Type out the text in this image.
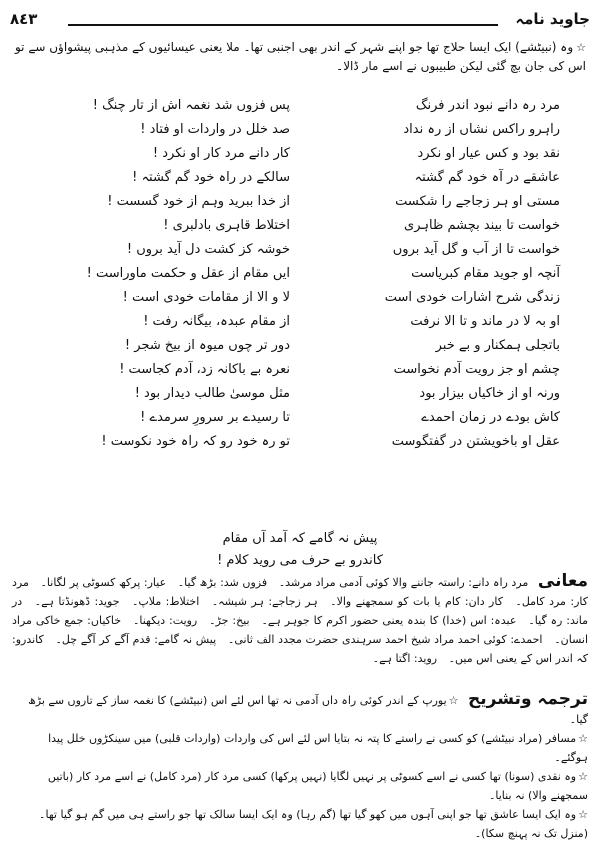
٨٤٣	جاوید نامہ
☆وہ (نبیٹشے) ایک ایسا حلاج تھا جو اپنے شہر کے اندر بھی اجنبی تھا۔ ملا یعنی عیسائیوں کے مذہبی پیشواؤں سے تو اس کی جان بچ گئی لیکن طبیبوں نے اسے مار ڈالا۔
مرد رہ دانے نبود اندر فرنگ
پس فزوں شد نغمہ اش از تار چنگ !
راہرو راکس نشاں از رہ نداد
صد خلل در واردات او فتاد !
نقد بود و کس عیار او نکرد
کار دانے مرد کار او نکرد !
عاشقے در آہ خود گم گشتہ
سالکے در راہ خود گم گشتہ !
مستی او ہر زجاجے را شکست
از خدا ببرید وہم از خود گسست !
خواست تا بیند بچشم ظاہری
اختلاط قاہری بادلبری !
خواست تا از آب و گل آید بروں
خوشہ کز کشت دل آید بروں !
آنچہ او جوید مقام کبریاست
ایں مقام از عقل و حکمت ماوراست !
زندگی شرح اشارات خودی است
لا و الا از مقامات خودی است !
او بہ لا در ماند و تا الا نرفت
از مقام عبدہ، بیگانہ رفت !
باتجلی ہمکنار و بے خبر
دور تر چوں میوہ از بیخ شجر !
چشم او جز رویت آدم نخواست
نعرہ بے باکانہ زد، آدم کجاست !
ورنہ او از خاکیاں بیزار بود
مثل موسیٰ طالب دیدار بود !
کاش بودے در زمان احمدے
تا رسیدے بر سرورِ سرمدے !
عقل او باخویشتن در گفتگوست
تو رہ خود رو کہ راہ خود نکوست !
پیش نہ گامے کہ آمد آں مقام
کاندرو بے حرف می روید کلام !
معانی مرد راہ دانے: راستہ جاننے والا کوئی آدمی مراد مرشد۔ فزوں شد: بڑھ گیا۔ عیار: پرکھ کسوٹی پر لگانا۔ مرد کار: مرد کامل۔ کار دان: کام یا بات کو سمجھنے والا۔ ہر زجاجے: ہر شیشہ۔ اختلاط: ملاپ۔ جوید: ڈھونڈتا ہے۔ در ماند: رہ گیا۔ عبدہ: اس (خدا) کا بندہ یعنی حضور اکرم کا جوہر ہے۔ بیخ: جڑ۔ رویت: دیکھنا۔ خاکیاں: جمع خاکی مراد انسان۔ احمدے: کوئی احمد مراد شیخ احمد سرہندی حضرت مجدد الف ثانی۔ پیش نہ گامے: قدم آگے کر آگے چل۔ کاندرو: کہ اندر اس کے یعنی اس میں۔ روید: اگتا ہے۔
ترجمہ وتشریح ☆یورپ کے اندر کوئی راہ داں آدمی نہ تھا اس لئے اس (نبیٹشے) کا نغمہ ساز کے تاروں سے بڑھ گیا۔
☆مسافر (مراد نبیٹشے) کو کسی نے راستے کا پتہ نہ بتایا اس لئے اس کی واردات (واردات قلبی) میں سینکڑوں خلل پیدا ہوگئے۔
☆وہ نقدی (سونا) تھا کسی نے اسے کسوٹی پر نہیں لگایا (نہیں پرکھا) کسی مرد کار (مرد کامل) نے اسے مرد کار (باتیں سمجھنے والا) نہ بنایا۔
☆وہ ایک ایسا عاشق تھا جو اپنی آہوں میں کھو گیا تھا (گم رہا) وہ ایک ایسا سالک تھا جو راستے ہی میں گم ہو گیا تھا۔ (منزل تک نہ پہنچ سکا)۔
